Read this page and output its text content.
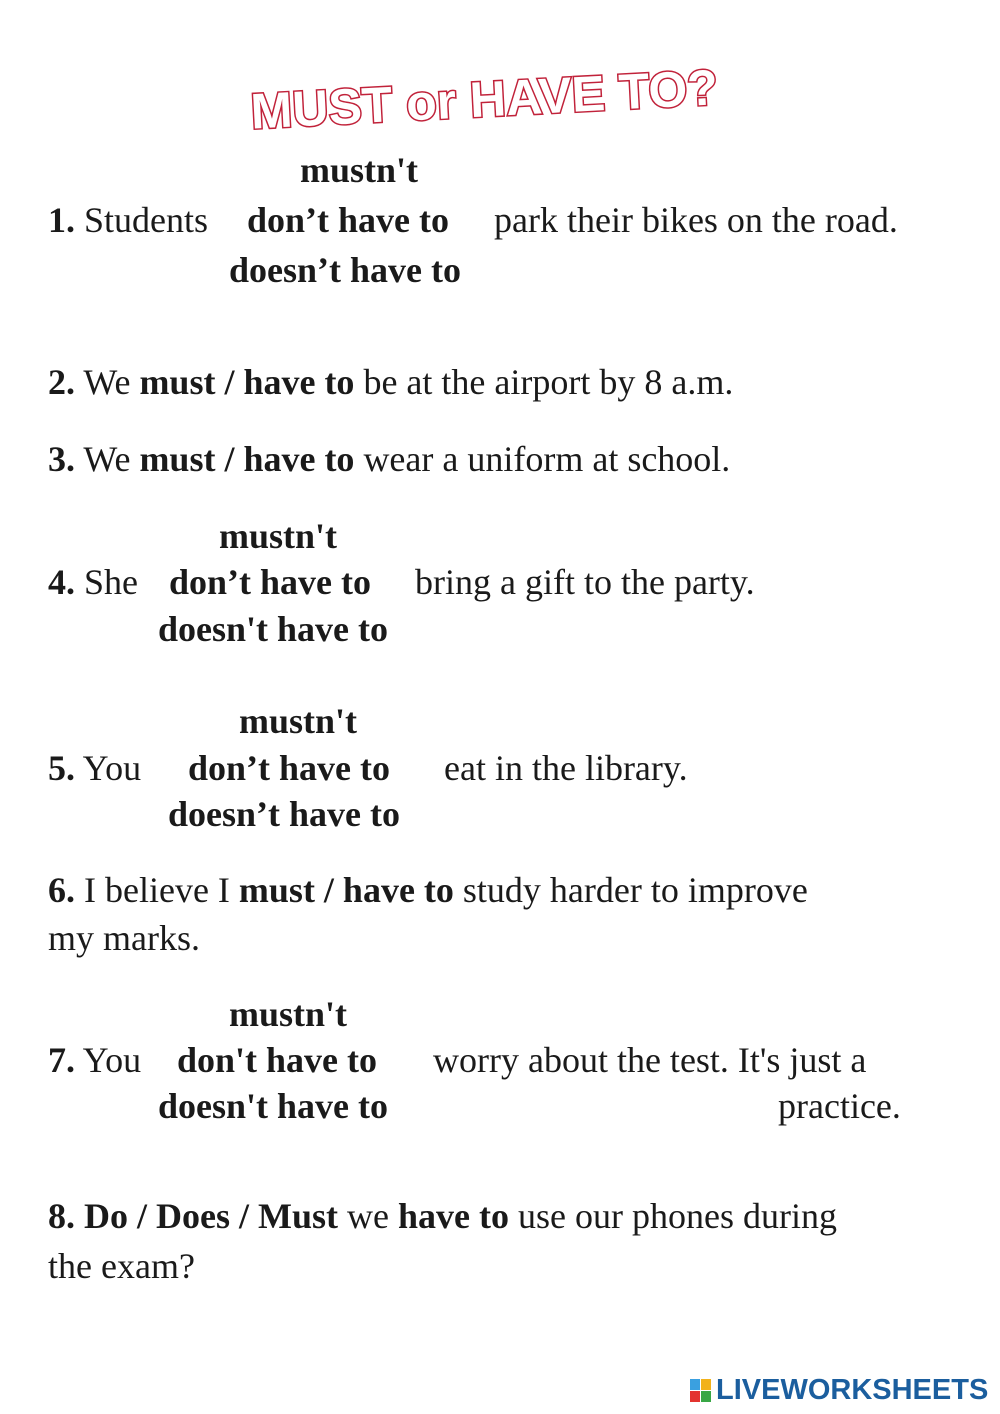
MUST or HAVE TO?
mustn't
1. Students don’t have to park their bikes on the road.
doesn’t have to
2. We must / have to be at the airport by 8 a.m.
3. We must / have to wear a uniform at school.
mustn't
4. She don’t have to bring a gift to the party.
doesn't have to
mustn't
5. You don’t have to eat in the library.
doesn’t have to
6. I believe I must / have to study harder to improve
my marks.
mustn't
7. You don't have to worry about the test. It's just a
doesn't have to	practice.
8. Do / Does / Must we have to use our phones during
the exam?
LIVEWORKSHEETS
